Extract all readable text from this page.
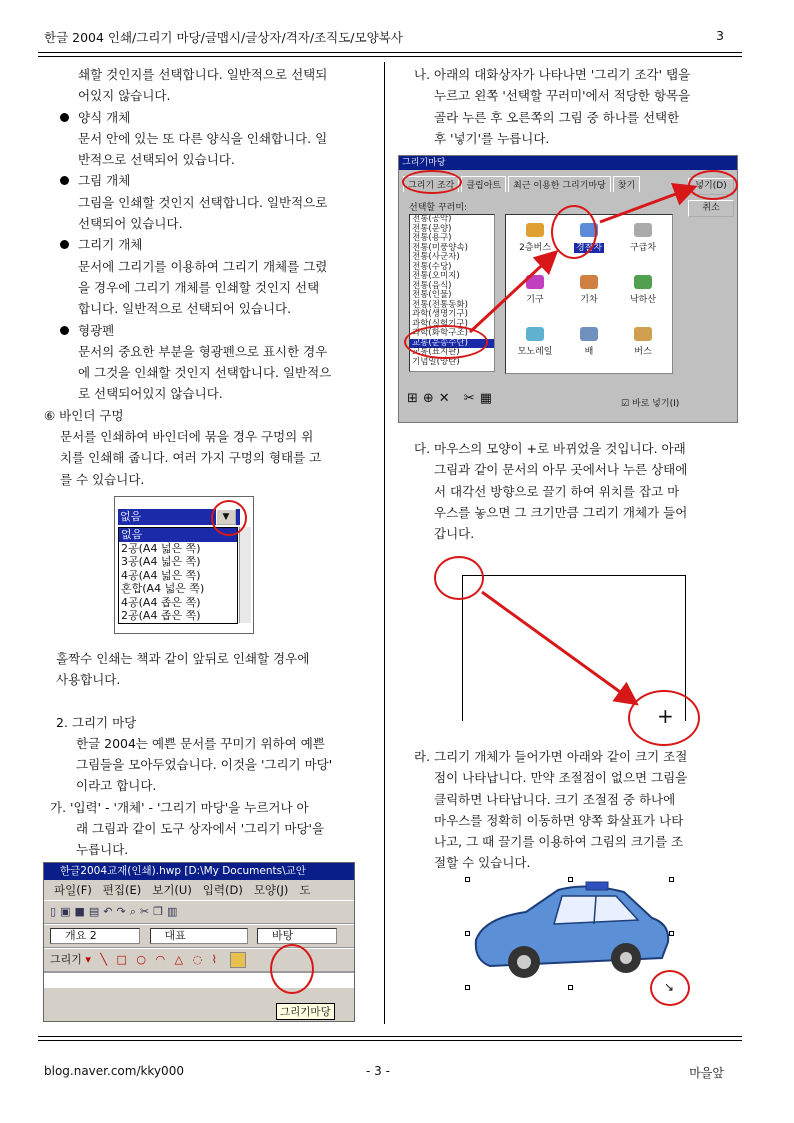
한글 2004 인쇄/그리기 마당/글맵시/글상자/격자/조직도/모양복사	3
쇄할 것인지를 선택합니다. 일반적으로 선택되
어있지 않습니다.
양식 개체
문서 안에 있는 또 다른 양식을 인쇄합니다. 일
반적으로 선택되어 있습니다.
그림 개체
그림을 인쇄할 것인지 선택합니다. 일반적으로
선택되어 있습니다.
그리기 개체
문서에 그리기를 이용하여 그리기 개체를 그렸
을 경우에 그리기 개체를 인쇄할 것인지 선택
합니다. 일반적으로 선택되어 있습니다.
형광펜
문서의 중요한 부분을 형광펜으로 표시한 경우
에 그것을 인쇄할 것인지 선택합니다. 일반적으
로 선택되어있지 않습니다.
⑥ 바인더 구멍
문서를 인쇄하여 바인더에 묶을 경우 구멍의 위
치를 인쇄해 줍니다. 여러 가지 구멍의 형태를 고
를 수 있습니다.
없음	▼
없음
2공(A4 넓은 쪽)
3공(A4 넓은 쪽)
4공(A4 넓은 쪽)
혼합(A4 넓은 쪽)
4공(A4 좁은 쪽)
2공(A4 좁은 쪽)
홀짝수 인쇄는 책과 같이 앞뒤로 인쇄할 경우에
사용합니다.
2. 그리기 마당
한글 2004는 예쁜 문서를 꾸미기 위하여 예쁜
그림들을 모아두었습니다. 이것을 '그리기 마당'
이라고 합니다.
가. '입력' - '개체' - '그리기 마당'을 누르거나 아
래 그림과 같이 도구 상자에서 '그리기 마당'을
누릅니다.
한글2004교재(인쇄).hwp [D:\My Documents\교안
파일(F) 편집(E) 보기(U) 입력(D) 모양(J) 도
▯▣■▤↶↷⌕✂❐▥
개요 2	대표	바탕
그리기 ▾ ╲ □ ○ ◠ △ ◌ ⌇
그리기마당
나. 아래의 대화상자가 나타나면 '그리기 조각' 탭을
누르고 왼쪽 '선택할 꾸러미'에서 적당한 항목을
골라 누른 후 오른쪽의 그림 중 하나를 선택한
후 '넣기'를 누릅니다.
그리기마당
그리기 조각	클립아트	최근 이용한 그리기마당	찾기
선택할 꾸러미:
전통(공악)
전통(문양)
전통(용구)
전통(미풍양속)
전통(사군자)
전통(수당)
전통(오미지)
전통(음식)
전통(인물)
전통(전통동화)
과학(생명기구)
과학(실험기구)
과학(화학구조)
교통(운송수단)
교통(표지판)
기념일(양탄)
2층버스	경찰차	구급차
기구	기차	낙하산
모노레일	배	버스
넣기(D)
취소
☑ 바로 넣기(I)
⊞⊕✕ ✂▦
다. 마우스의 모양이 +로 바뀌었을 것입니다. 아래
그림과 같이 문서의 아무 곳에서나 누른 상태에
서 대각선 방향으로 끌기 하여 위치를 잡고 마
우스를 놓으면 그 크기만큼 그리기 개체가 들어
갑니다.
+
라. 그리기 개체가 들어가면 아래와 같이 크기 조절
점이 나타납니다. 만약 조절점이 없으면 그림을
클릭하면 나타납니다. 크기 조절점 중 하나에
마우스를 정확히 이동하면 양쪽 화살표가 나타
나고, 그 때 끌기를 이용하여 그림의 크기를 조
절할 수 있습니다.
↘
blog.naver.com/kky000	- 3 -	마을앞
